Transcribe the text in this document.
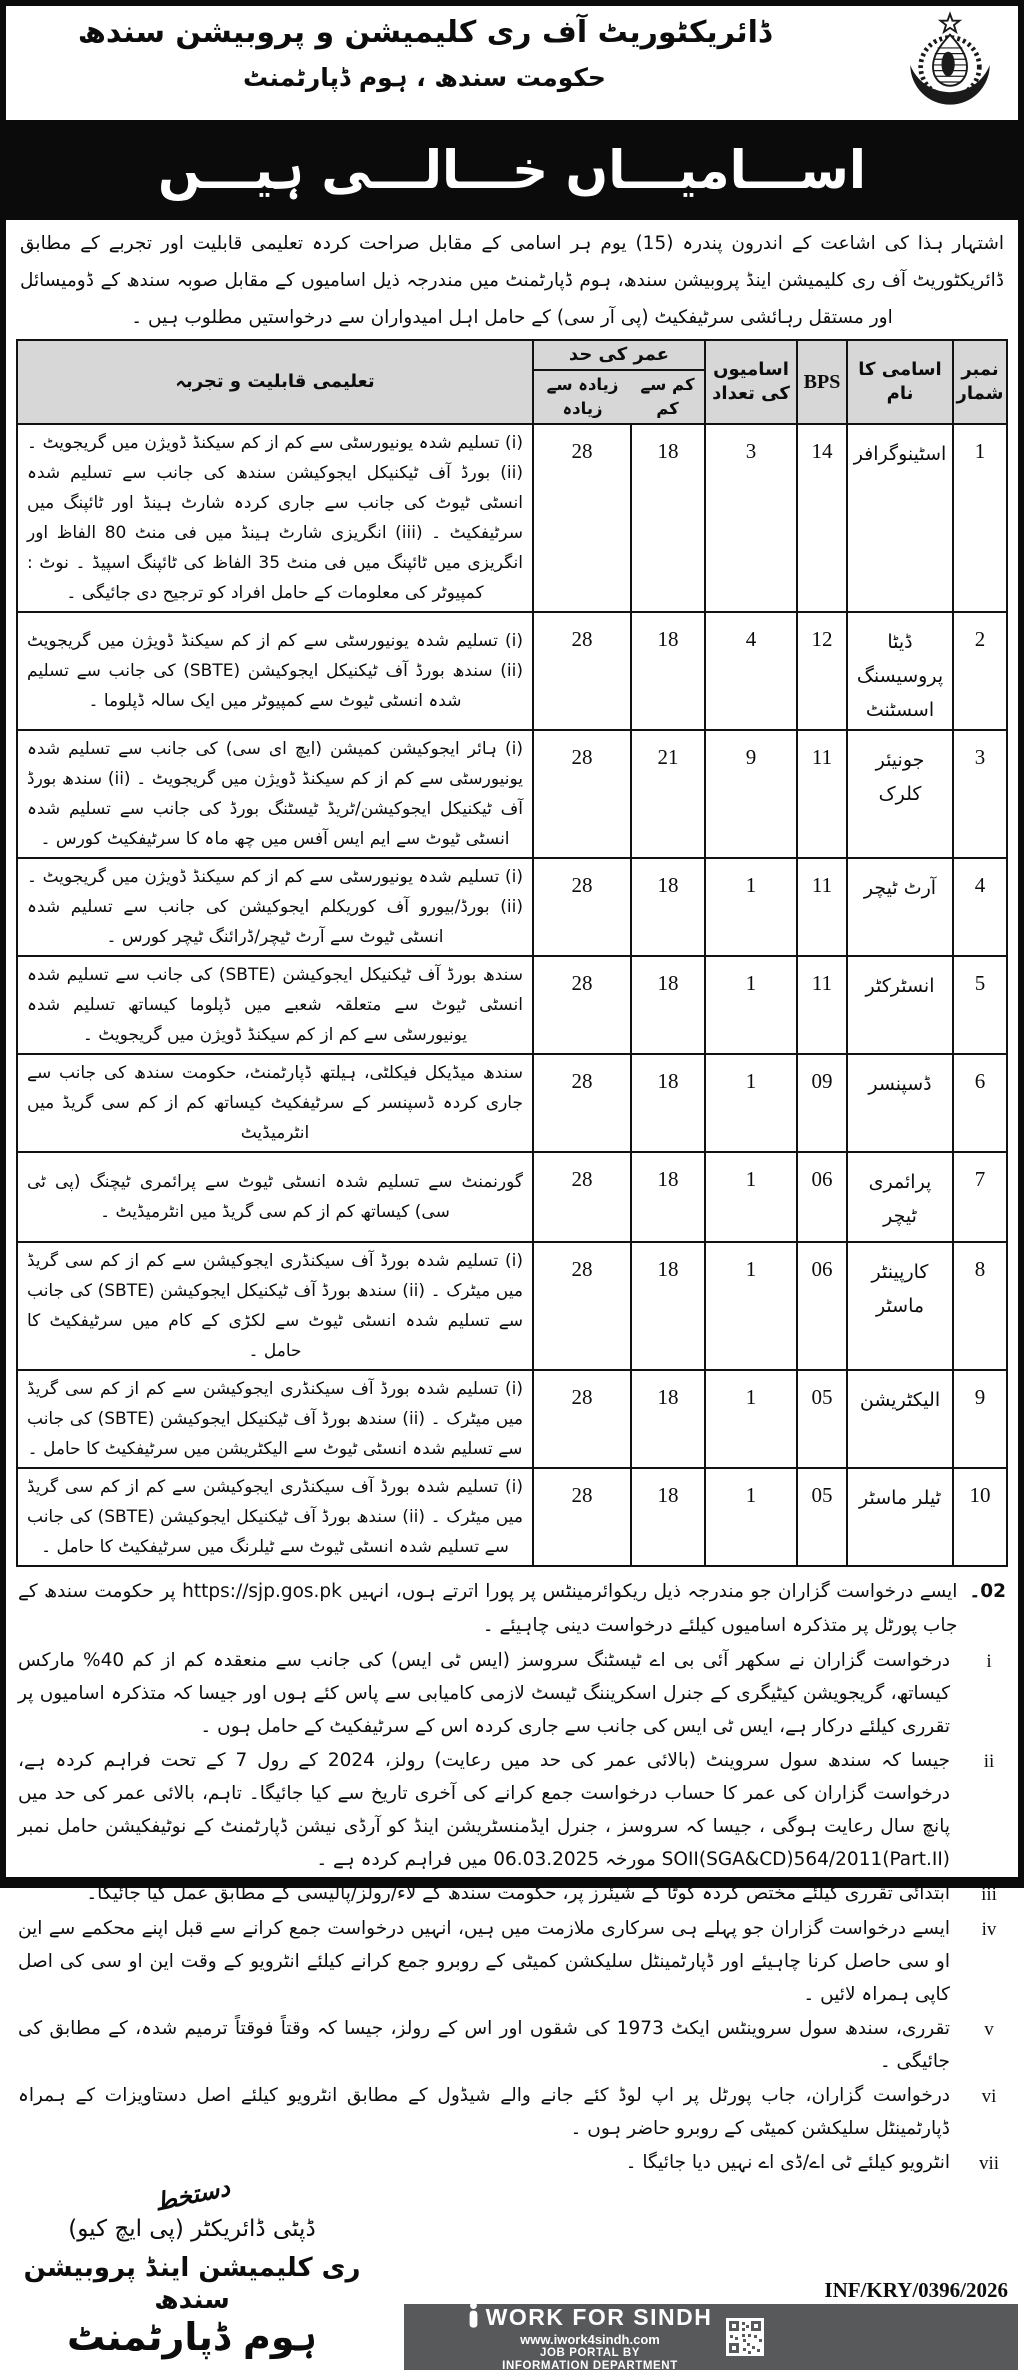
ڈائریکٹوریٹ آف ری کلیمیشن و پروبیشن سندھ
حکومت سندھ ، ہوم ڈپارٹمنٹ
اســـامیـــاں خـــالـــی ہیـــں

اشتہار ہذا کی اشاعت کے اندرون پندرہ (15) یوم ہر اسامی کے مقابل صراحت کردہ تعلیمی قابلیت اور تجربے کے مطابق ڈائریکٹوریٹ آف ری کلیمیشن اینڈ پروبیشن سندھ، ہوم ڈپارٹمنٹ میں مندرجہ ذیل اسامیوں کے مقابل صوبہ سندھ کے ڈومیسائل اور مستقل رہائشی سرٹیفکیٹ (پی آر سی) کے حامل اہل امیدواران سے درخواستیں مطلوب ہیں ۔

نمبر شمار	اسامی کا نام	BPS	اسامیوں کی تعداد	عمر کی حد		تعلیمی قابلیت و تجربہ
				کم سے کم	زیادہ سے زیادہ	
1	اسٹینوگرافر	14	3	18	28	(i) تسلیم شدہ یونیورسٹی سے کم از کم سیکنڈ ڈویژن میں گریجویٹ ۔ (ii) بورڈ آف ٹیکنیکل ایجوکیشن سندھ کی جانب سے تسلیم شدہ انسٹی ٹیوٹ کی جانب سے جاری کردہ شارٹ ہینڈ اور ٹائپنگ میں سرٹیفکیٹ ۔ (iii) انگریزی شارٹ ہینڈ میں فی منٹ 80 الفاظ اور انگریزی میں ٹائپنگ میں فی منٹ 35 الفاظ کی ٹائپنگ اسپیڈ ۔ نوٹ : کمپیوٹر کی معلومات کے حامل افراد کو ترجیح دی جائیگی ۔
2	ڈیٹا پروسیسنگ اسسٹنٹ	12	4	18	28	(i) تسلیم شدہ یونیورسٹی سے کم از کم سیکنڈ ڈویژن میں گریجویٹ (ii) سندھ بورڈ آف ٹیکنیکل ایجوکیشن (SBTE) کی جانب سے تسلیم شدہ انسٹی ٹیوٹ سے کمپیوٹر میں ایک سالہ ڈپلوما ۔
3	جونیئر کلرک	11	9	21	28	(i) ہائر ایجوکیشن کمیشن (ایچ ای سی) کی جانب سے تسلیم شدہ یونیورسٹی سے کم از کم سیکنڈ ڈویژن میں گریجویٹ ۔ (ii) سندھ بورڈ آف ٹیکنیکل ایجوکیشن/ٹریڈ ٹیسٹنگ بورڈ کی جانب سے تسلیم شدہ انسٹی ٹیوٹ سے ایم ایس آفس میں چھ ماہ کا سرٹیفکیٹ کورس ۔
4	آرٹ ٹیچر	11	1	18	28	(i) تسلیم شدہ یونیورسٹی سے کم از کم سیکنڈ ڈویژن میں گریجویٹ ۔ (ii) بورڈ/بیورو آف کوریکلم ایجوکیشن کی جانب سے تسلیم شدہ انسٹی ٹیوٹ سے آرٹ ٹیچر/ڈرائنگ ٹیچر کورس ۔
5	انسٹرکٹر	11	1	18	28	سندھ بورڈ آف ٹیکنیکل ایجوکیشن (SBTE) کی جانب سے تسلیم شدہ انسٹی ٹیوٹ سے متعلقہ شعبے میں ڈپلوما کیساتھ تسلیم شدہ یونیورسٹی سے کم از کم سیکنڈ ڈویژن میں گریجویٹ ۔
6	ڈسپنسر	09	1	18	28	سندھ میڈیکل فیکلٹی، ہیلتھ ڈپارٹمنٹ، حکومت سندھ کی جانب سے جاری کردہ ڈسپنسر کے سرٹیفکیٹ کیساتھ کم از کم سی گریڈ میں انٹرمیڈیٹ
7	پرائمری ٹیچر	06	1	18	28	گورنمنٹ سے تسلیم شدہ انسٹی ٹیوٹ سے پرائمری ٹیچنگ (پی ٹی سی) کیساتھ کم از کم سی گریڈ میں انٹرمیڈیٹ ۔
8	کارپینٹر ماسٹر	06	1	18	28	(i) تسلیم شدہ بورڈ آف سیکنڈری ایجوکیشن سے کم از کم سی گریڈ میں میٹرک ۔ (ii) سندھ بورڈ آف ٹیکنیکل ایجوکیشن (SBTE) کی جانب سے تسلیم شدہ انسٹی ٹیوٹ سے لکڑی کے کام میں سرٹیفکیٹ کا حامل ۔
9	الیکٹریشن	05	1	18	28	(i) تسلیم شدہ بورڈ آف سیکنڈری ایجوکیشن سے کم از کم سی گریڈ میں میٹرک ۔ (ii) سندھ بورڈ آف ٹیکنیکل ایجوکیشن (SBTE) کی جانب سے تسلیم شدہ انسٹی ٹیوٹ سے الیکٹریشن میں سرٹیفکیٹ کا حامل ۔
10	ٹیلر ماسٹر	05	1	18	28	(i) تسلیم شدہ بورڈ آف سیکنڈری ایجوکیشن سے کم از کم سی گریڈ میں میٹرک ۔ (ii) سندھ بورڈ آف ٹیکنیکل ایجوکیشن (SBTE) کی جانب سے تسلیم شدہ انسٹی ٹیوٹ سے ٹیلرنگ میں سرٹیفکیٹ کا حامل ۔
02۔
ایسے درخواست گزاران جو مندرجہ ذیل ریکوائرمینٹس پر پورا اترتے ہوں، انہیں https://sjp.gos.pk پر حکومت سندھ کے جاب پورٹل پر متذکرہ اسامیوں کیلئے درخواست دینی چاہیئے ۔
i
درخواست گزاران نے سکھر آئی بی اے ٹیسٹنگ سروسز (ایس ٹی ایس) کی جانب سے منعقدہ کم از کم 40% مارکس کیساتھ، گریجویشن کیٹیگری کے جنرل اسکریننگ ٹیسٹ لازمی کامیابی سے پاس کئے ہوں اور جیسا کہ متذکرہ اسامیوں پر تقرری کیلئے درکار ہے، ایس ٹی ایس کی جانب سے جاری کردہ اس کے سرٹیفکیٹ کے حامل ہوں ۔
ii
جیسا کہ سندھ سول سروینٹ (بالائی عمر کی حد میں رعایت) رولز، 2024 کے رول 7 کے تحت فراہم کردہ ہے، درخواست گزاران کی عمر کا حساب درخواست جمع کرانے کی آخری تاریخ سے کیا جائیگا۔ تاہم، بالائی عمر کی حد میں پانچ سال رعایت ہوگی ، جیسا کہ سروسز ، جنرل ایڈمنسٹریشن اینڈ کو آرڈی نیشن ڈپارٹمنٹ کے نوٹیفکیشن حامل نمبر SOII(SGA&CD)564/2011(Part.II) مورخہ 06.03.2025 میں فراہم کردہ ہے ۔
iii
ابتدائی تقرری کیلئے مختص کردہ کوٹا کے شیئرز پر، حکومت سندھ کے لاء/رولز/پالیسی کے مطابق عمل کیا جائیگا۔
iv
ایسے درخواست گزاران جو پہلے ہی سرکاری ملازمت میں ہیں، انہیں درخواست جمع کرانے سے قبل اپنے محکمے سے این او سی حاصل کرنا چاہیئے اور ڈپارٹمینٹل سلیکشن کمیٹی کے روبرو جمع کرانے کیلئے انٹرویو کے وقت این او سی کی اصل کاپی ہمراہ لائیں ۔
v
تقرری، سندھ سول سروینٹس ایکٹ 1973 کی شقوں اور اس کے رولز، جیسا کہ وقتاً فوقتاً ترمیم شدہ، کے مطابق کی جائیگی ۔
vi
درخواست گزاران، جاب پورٹل پر اپ لوڈ کئے جانے والے شیڈول کے مطابق انٹرویو کیلئے اصل دستاویزات کے ہمراہ ڈپارٹمینٹل سلیکشن کمیٹی کے روبرو حاضر ہوں ۔
vii
انٹرویو کیلئے ٹی اے/ڈی اے نہیں دیا جائیگا ۔
دستخط
ڈپٹی ڈائریکٹر (پی ایچ کیو)
ری کلیمیشن اینڈ پروبیشن سندھ
ہوم ڈپارٹمنٹ
INF/KRY/0396/2026
WORK FOR SINDH
www.iwork4sindh.com
JOB PORTAL BY
INFORMATION DEPARTMENT
